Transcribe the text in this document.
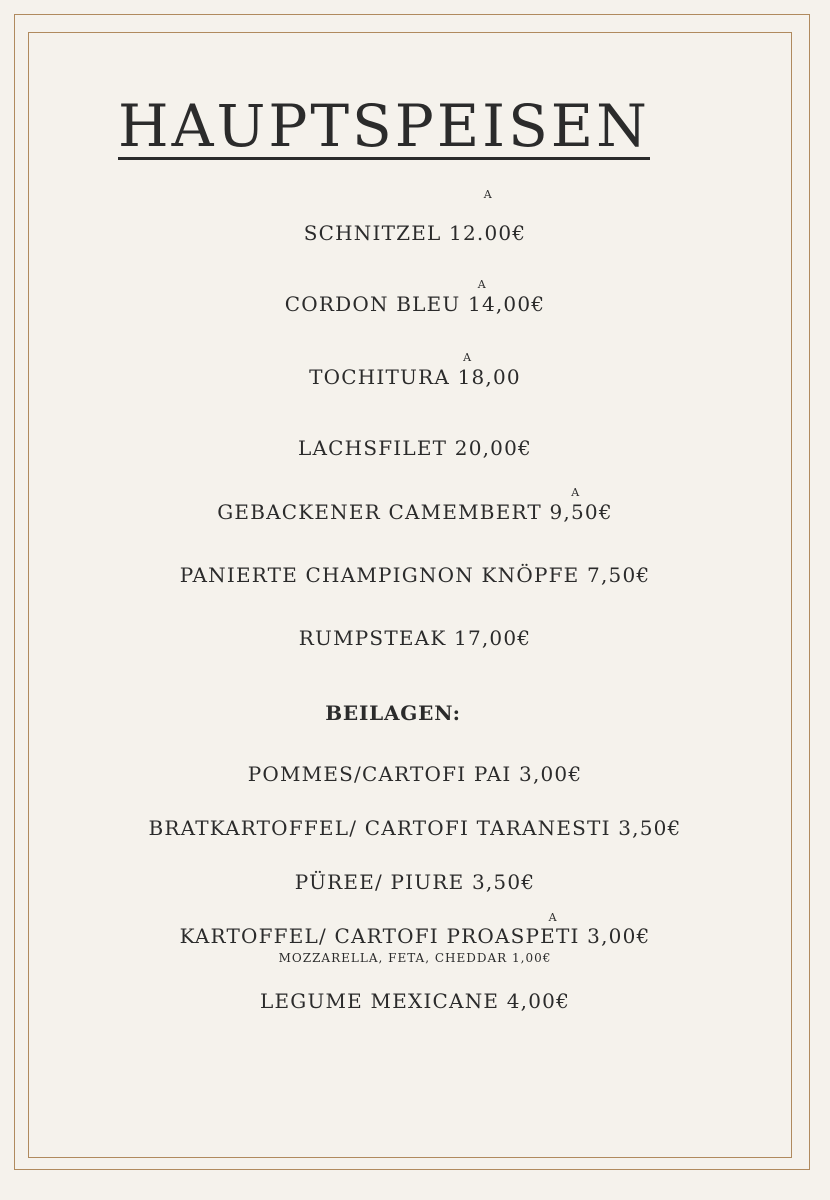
HAUPTSPEISEN
SCHNITZEL 12.00€
A
CORDON BLEU 14,00€
A
TOCHITURA 18,00
A
LACHSFILET 20,00€
GEBACKENER CAMEMBERT 9,50€
A
PANIERTE CHAMPIGNON KNÖPFE 7,50€
RUMPSTEAK 17,00€
BEILAGEN:
POMMES/CARTOFI PAI 3,00€
BRATKARTOFFEL/ CARTOFI TARANESTI 3,50€
PÜREE/ PIURE 3,50€
KARTOFFEL/ CARTOFI PROASPETI 3,00€
A
MOZZARELLA, FETA, CHEDDAR 1,00€
LEGUME MEXICANE 4,00€
